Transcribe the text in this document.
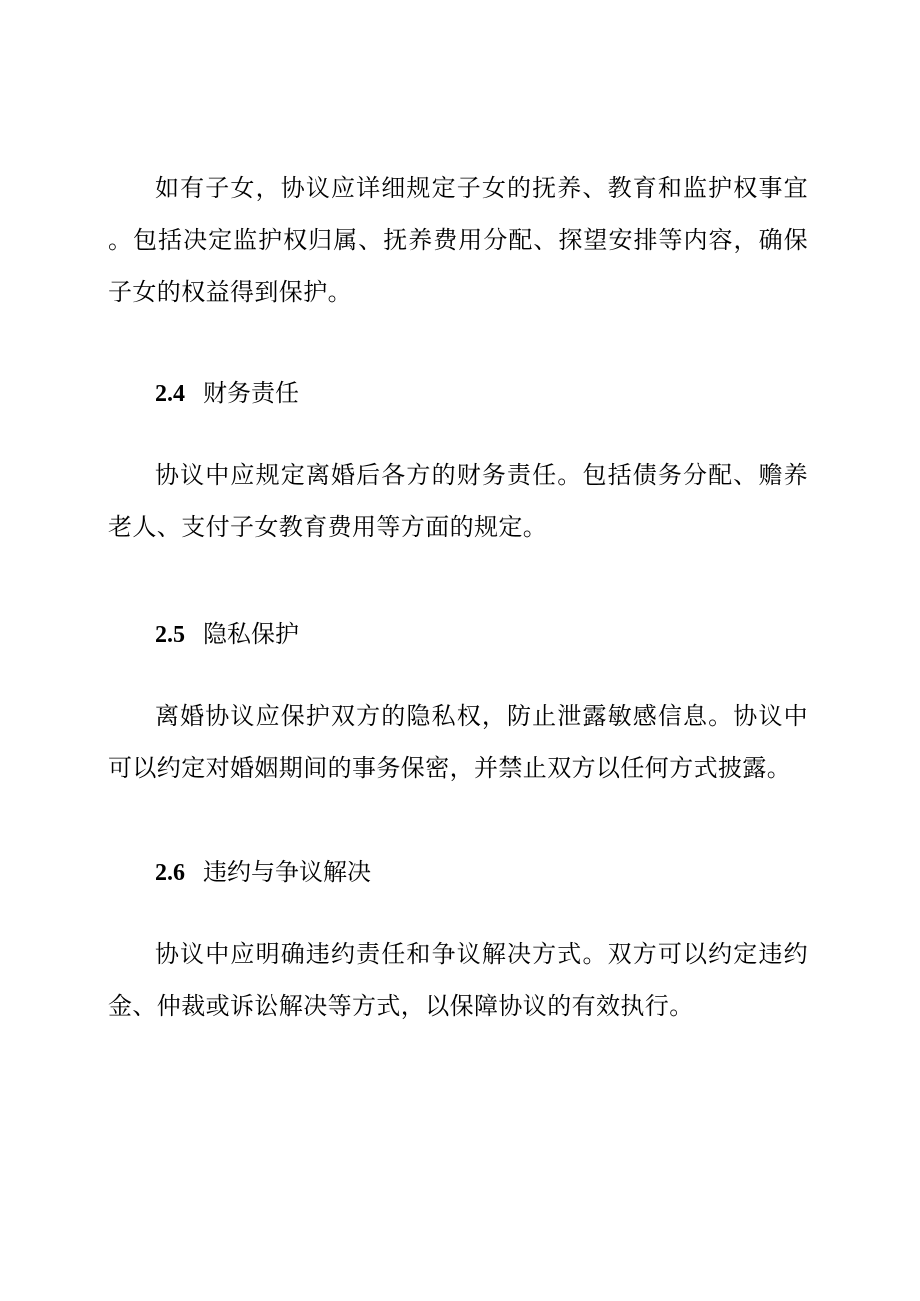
如有子女，协议应详细规定子女的抚养、教育和监护权事宜。包括决定监护权归属、抚养费用分配、探望安排等内容，确保子女的权益得到保护。

2.4 财务责任

协议中应规定离婚后各方的财务责任。包括债务分配、赡养老人、支付子女教育费用等方面的规定。

2.5 隐私保护

离婚协议应保护双方的隐私权，防止泄露敏感信息。协议中可以约定对婚姻期间的事务保密，并禁止双方以任何方式披露。

2.6 违约与争议解决

协议中应明确违约责任和争议解决方式。双方可以约定违约金、仲裁或诉讼解决等方式，以保障协议的有效执行。
